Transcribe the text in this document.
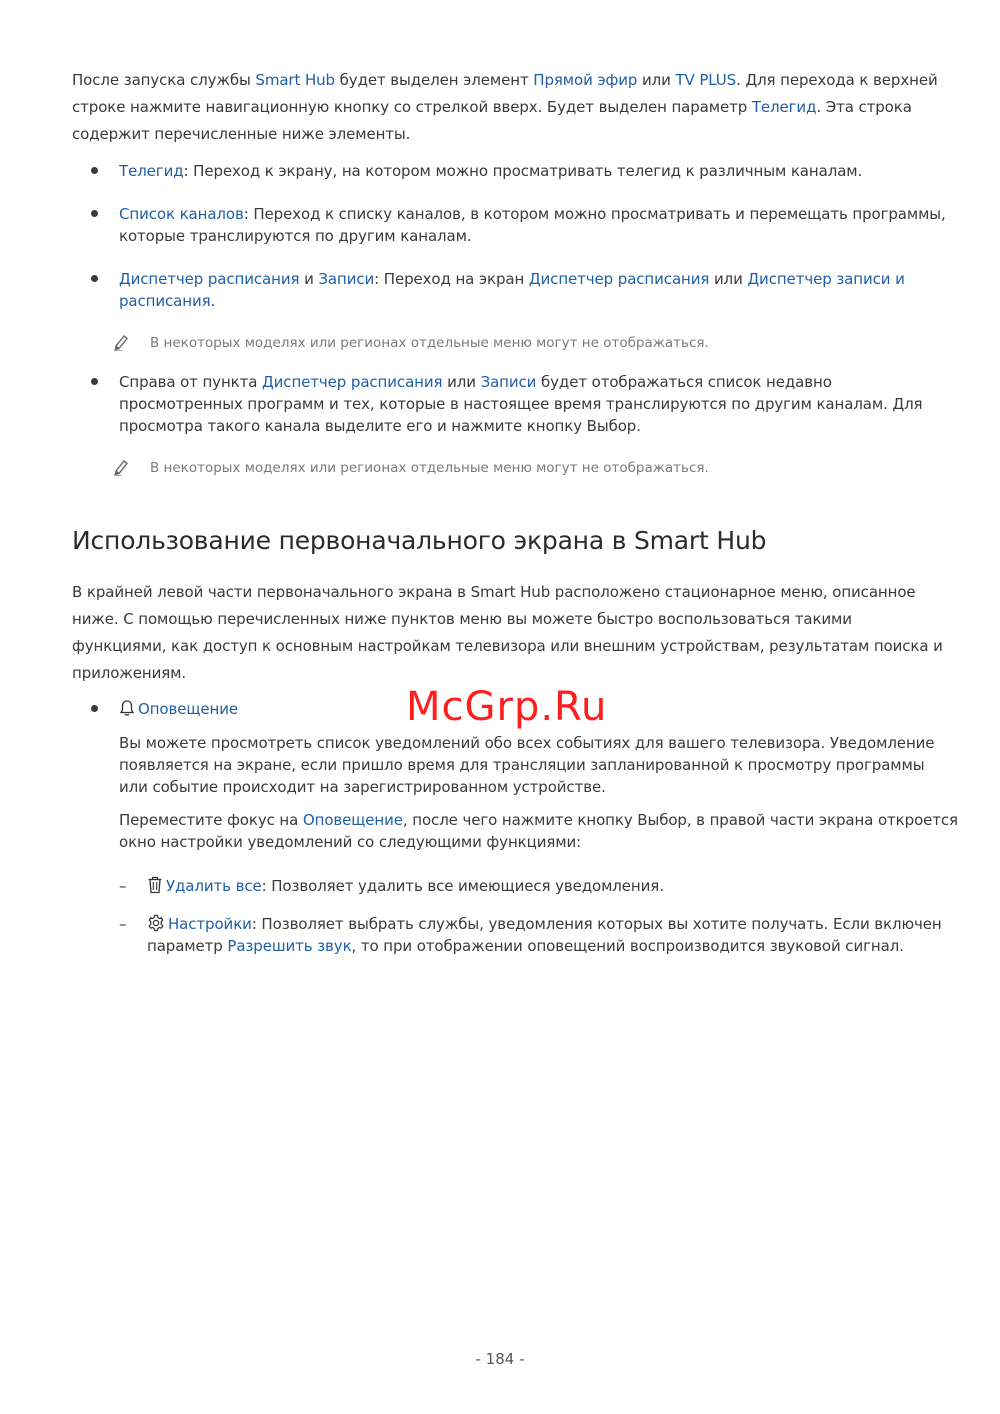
После запуска службы Smart Hub будет выделен элемент Прямой эфир или TV PLUS. Для перехода к верхней
строке нажмите навигационную кнопку со стрелкой вверх. Будет выделен параметр Телегид. Эта строка
содержит перечисленные ниже элементы.
Телегид: Переход к экрану, на котором можно просматривать телегид к различным каналам.
Список каналов: Переход к списку каналов, в котором можно просматривать и перемещать программы,
которые транслируются по другим каналам.
Диспетчер расписания и Записи: Переход на экран Диспетчер расписания или Диспетчер записи и
расписания.
В некоторых моделях или регионах отдельные меню могут не отображаться.
Справа от пункта Диспетчер расписания или Записи будет отображаться список недавно
просмотренных программ и тех, которые в настоящее время транслируются по другим каналам. Для
просмотра такого канала выделите его и нажмите кнопку Выбор.
В некоторых моделях или регионах отдельные меню могут не отображаться.
Использование первоначального экрана в Smart Hub
В крайней левой части первоначального экрана в Smart Hub расположено стационарное меню, описанное
ниже. С помощью перечисленных ниже пунктов меню вы можете быстро воспользоваться такими
функциями, как доступ к основным настройкам телевизора или внешним устройствам, результатам поиска и
приложениям.
Оповещение	McGrp.Ru
Вы можете просмотреть список уведомлений обо всех событиях для вашего телевизора. Уведомление
появляется на экране, если пришло время для трансляции запланированной к просмотру программы
или событие происходит на зарегистрированном устройстве.
Переместите фокус на Оповещение, после чего нажмите кнопку Выбор, в правой части экрана откроется
окно настройки уведомлений со следующими функциями:
–	Удалить все: Позволяет удалить все имеющиеся уведомления.
–	Настройки: Позволяет выбрать службы, уведомления которых вы хотите получать. Если включен
параметр Разрешить звук, то при отображении оповещений воспроизводится звуковой сигнал.
- 184 -
